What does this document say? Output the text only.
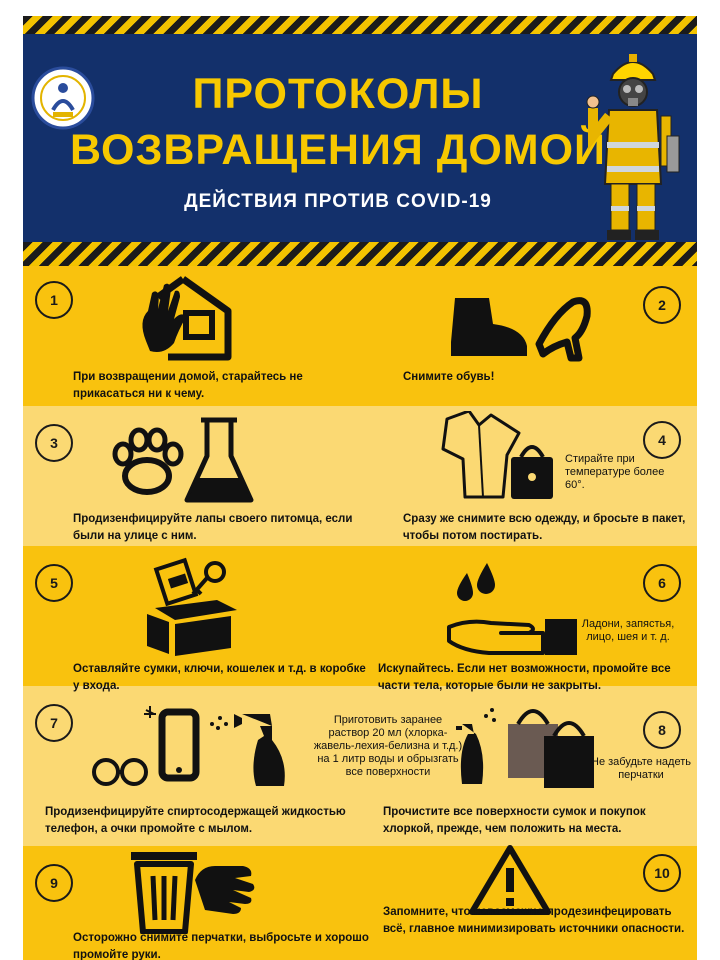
ПРОТОКОЛЫ
ВОЗВРАЩЕНИЯ ДОМОЙ
ДЕЙСТВИЯ ПРОТИВ COVID-19
1

При возвращении домой, старайтесь не прикасаться ни к чему.

2

Снимите обувь!

3

Продизенфицируйте лапы своего питомца, если были на улице с ним.

4

Стирайте при температуре более 60°.

Сразу же снимите всю одежду, и бросьте в пакет, чтобы потом постирать.

5

Оставляйте сумки, ключи, кошелек и т.д. в коробке у входа.

6

Ладони, запястья, лицо, шея и т. д.

Искупайтесь. Если нет возможности, промойте все части тела, которые были не закрыты.

7

Продизенфицируйте спиртосодержащей жидкостью телефон, а очки промойте с мылом.

8

Приготовить заранее раствор 20 мл (хлорка-жавель-лехия-белизна и т.д.) на 1 литр воды и обрызгать все поверхности

Не забудьте надеть перчатки

Прочистите все поверхности сумок и покупок хлоркой, прежде, чем положить на места.

9

Осторожно снимите перчатки, выбросьте и хорошо промойте руки.

10

Запомните, что невозможно продезинфецировать всё, главное минимизировать источники опасности.
